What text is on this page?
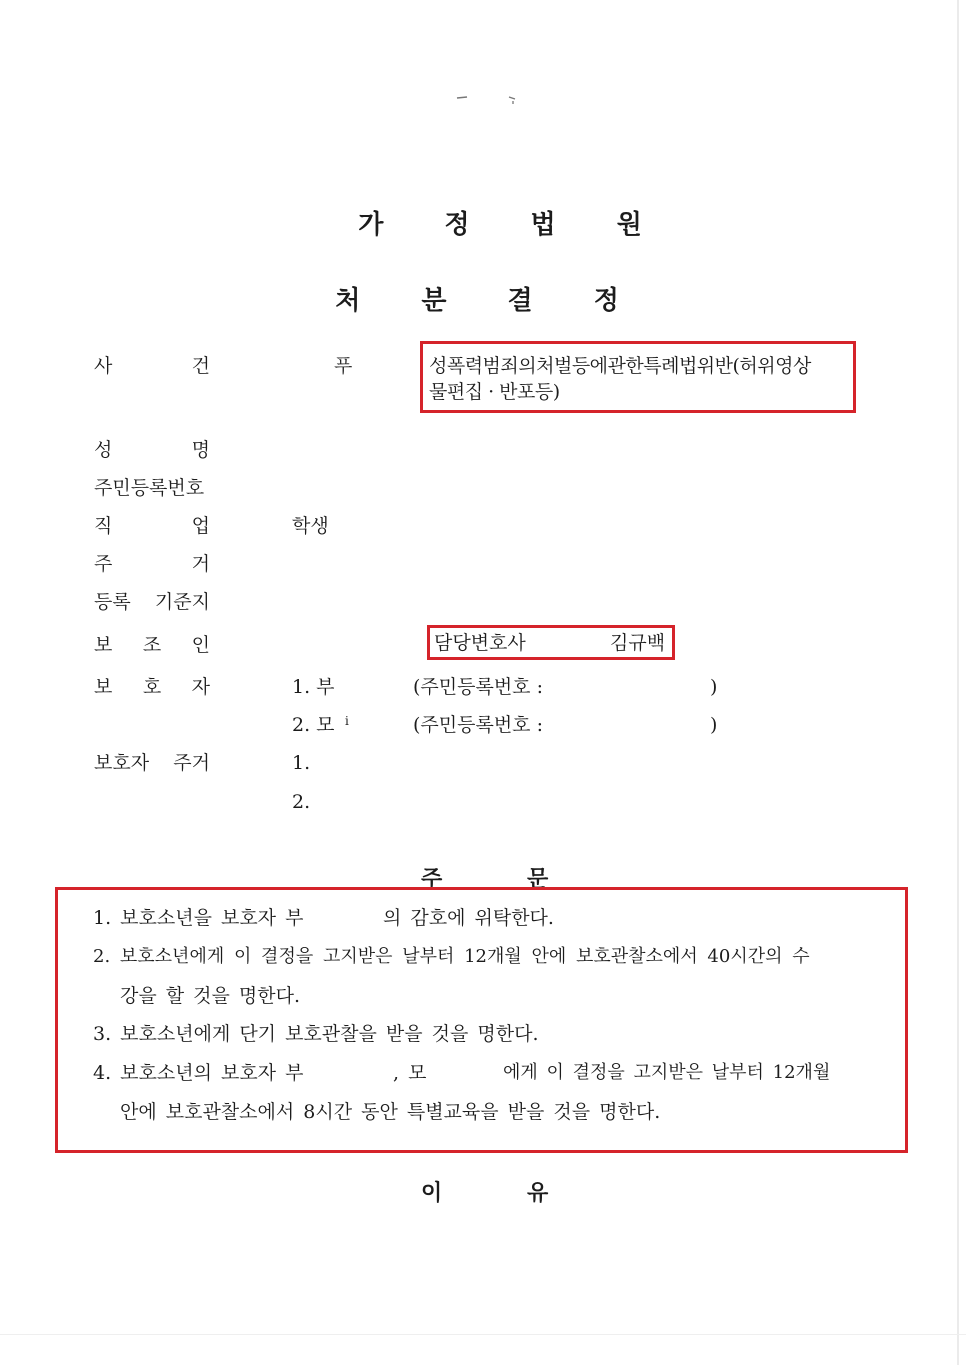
가 정 법 원
처 분 결 정
사 건	푸	성폭력범죄의처벌등에관한특례법위반(허위영상
물편집 · 반포등)
성 명
주민등록번호
직 업	학생
주 거
등록 기준지
보 조 인	담당변호사	김규백
보 호 자	1. 부	(주민등록번호 :	)
2. 모 ⅰ	(주민등록번호 :	)
보호자 주거	1.
2.
주	문
1. 보호소년을 보호자 부	의 감호에 위탁한다.
2. 보호소년에게 이 결정을 고지받은 날부터 12개월 안에 보호관찰소에서 40시간의 수
강을 할 것을 명한다.
3. 보호소년에게 단기 보호관찰을 받을 것을 명한다.
4. 보호소년의 보호자 부	, 모	에게 이 결정을 고지받은 날부터 12개월
안에 보호관찰소에서 8시간 동안 특별교육을 받을 것을 명한다.
이	유
